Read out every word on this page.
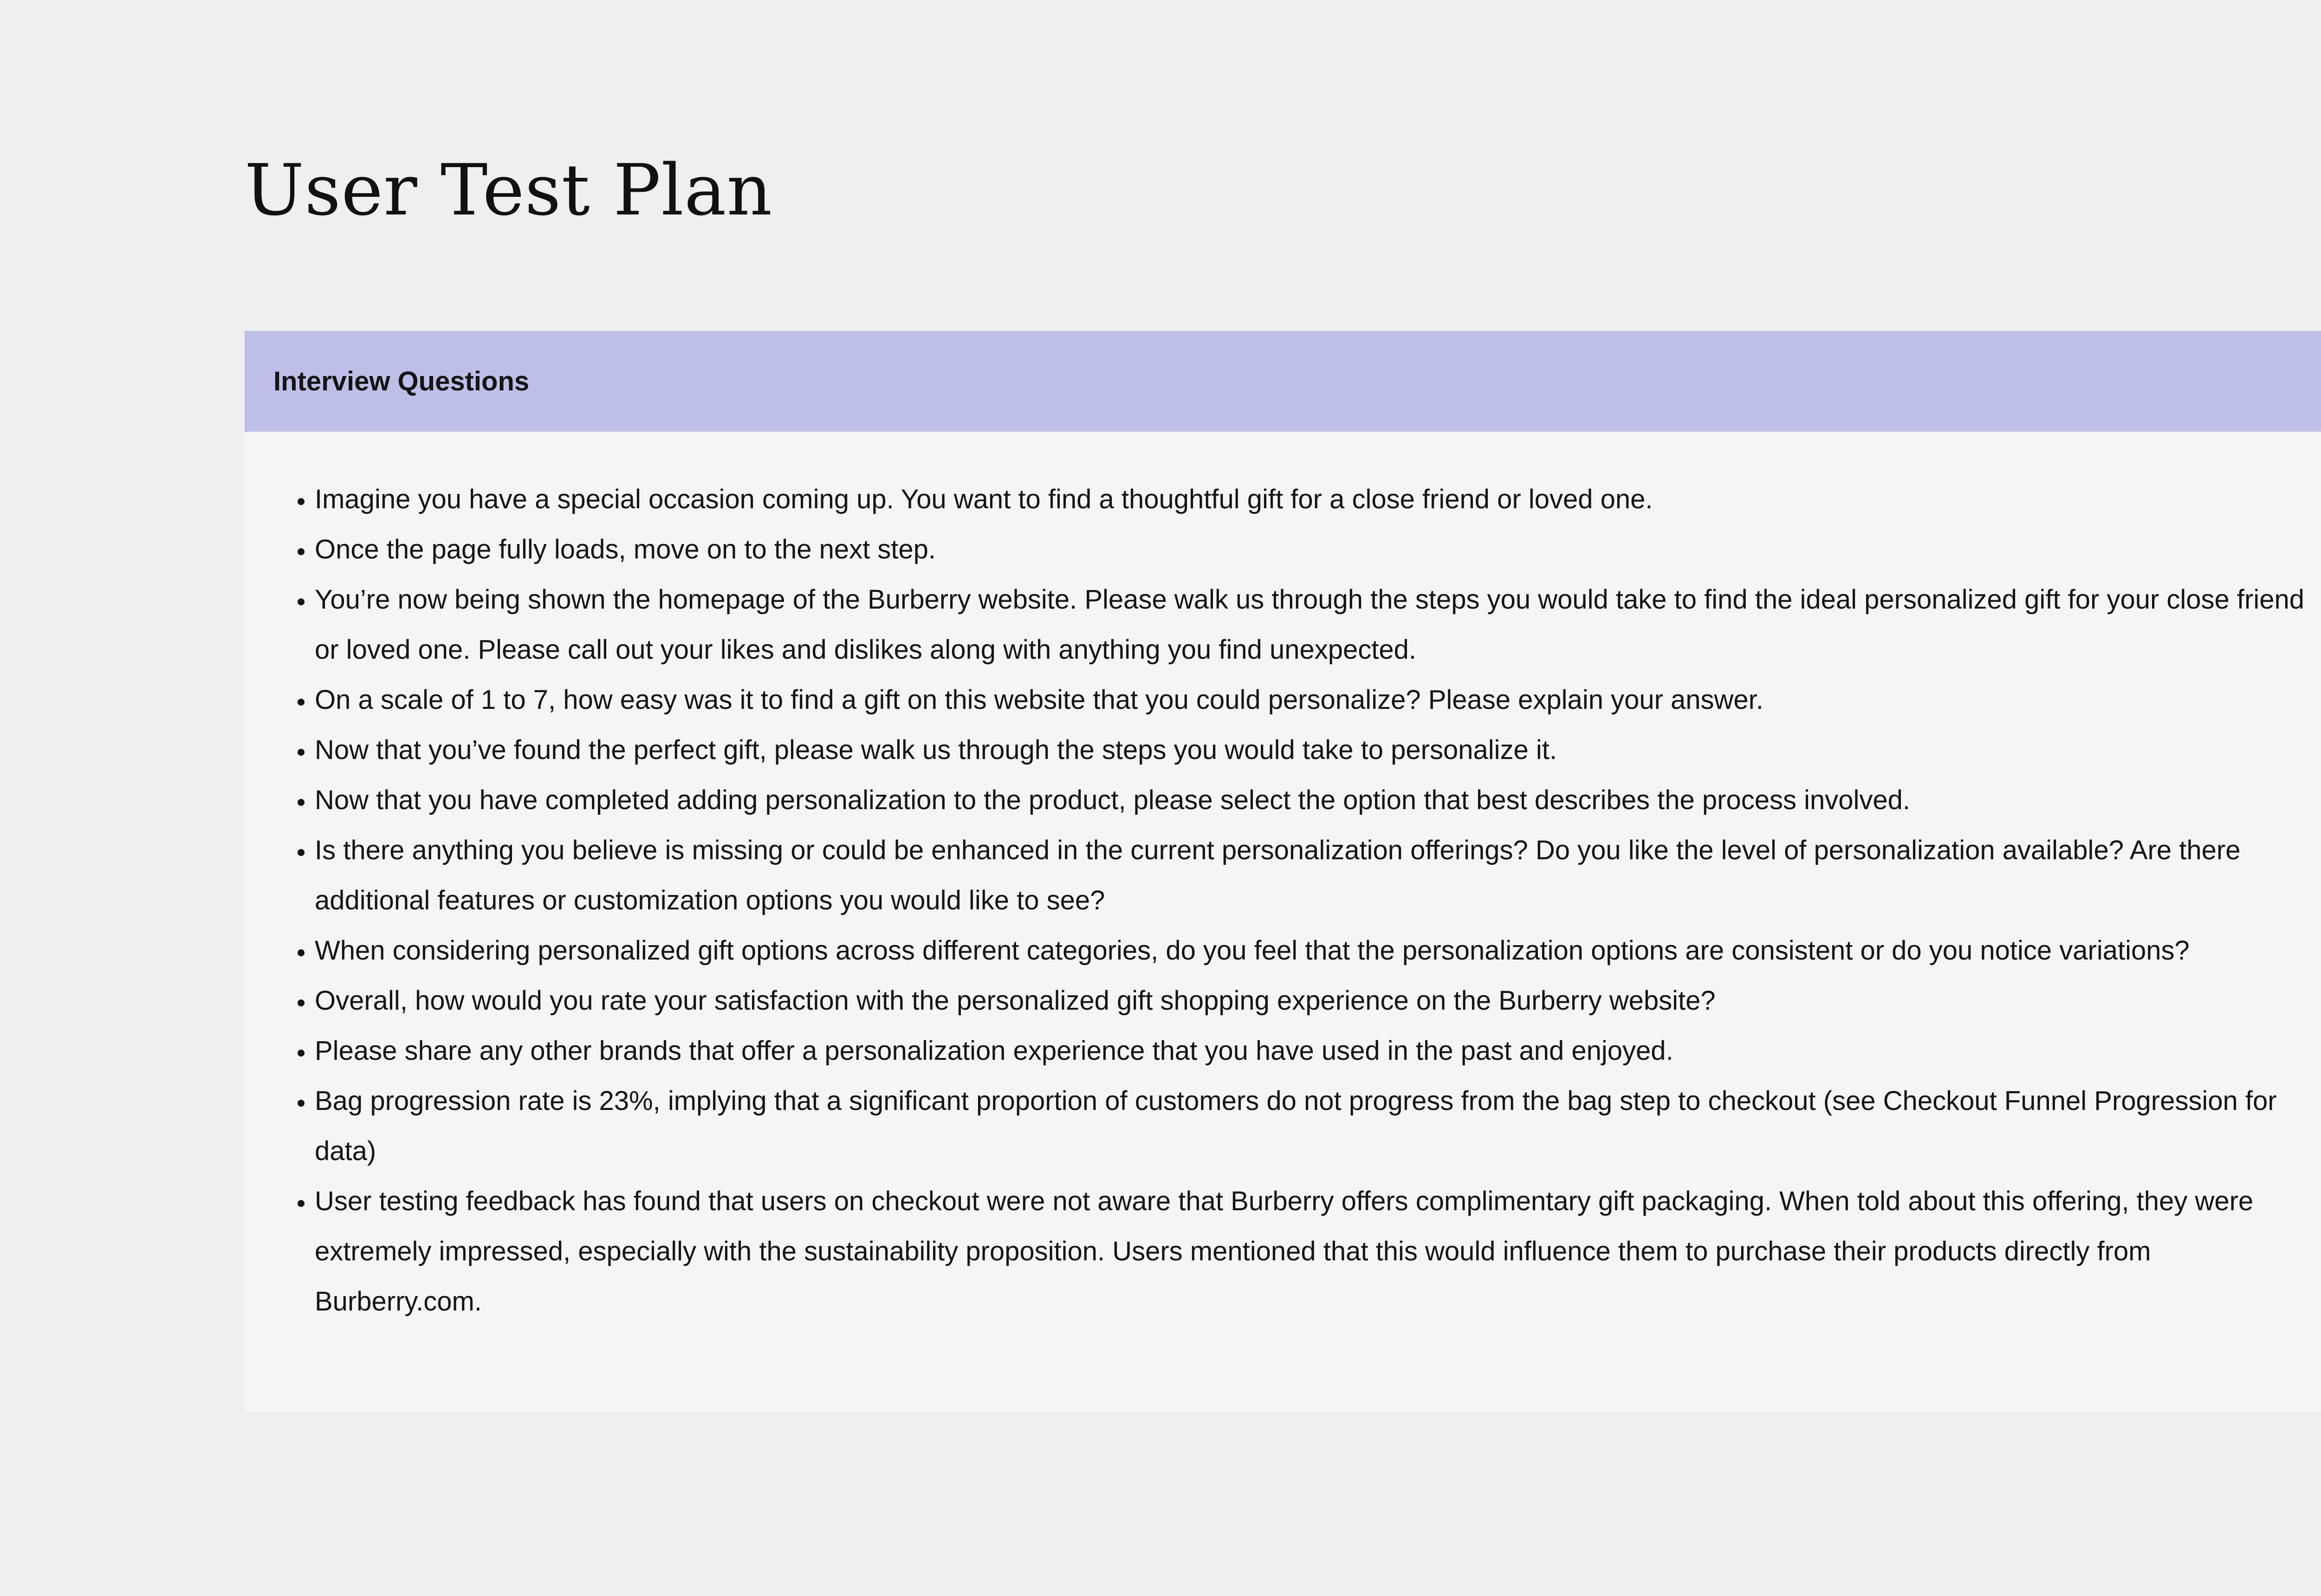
User Test Plan
Interview Questions
• Imagine you have a special occasion coming up. You want to find a thoughtful gift for a close friend or loved one.
• Once the page fully loads, move on to the next step.
• You’re now being shown the homepage of the Burberry website. Please walk us through the steps you would take to find the ideal personalized gift for your close friend or loved one. Please call out your likes and dislikes along with anything you find unexpected.
• On a scale of 1 to 7, how easy was it to find a gift on this website that you could personalize? Please explain your answer.
• Now that you’ve found the perfect gift, please walk us through the steps you would take to personalize it.
• Now that you have completed adding personalization to the product, please select the option that best describes the process involved.
• Is there anything you believe is missing or could be enhanced in the current personalization offerings? Do you like the level of personalization available? Are there additional features or customization options you would like to see?
• When considering personalized gift options across different categories, do you feel that the personalization options are consistent or do you notice variations?
• Overall, how would you rate your satisfaction with the personalized gift shopping experience on the Burberry website?
• Please share any other brands that offer a personalization experience that you have used in the past and enjoyed.
• Bag progression rate is 23%, implying that a significant proportion of customers do not progress from the bag step to checkout (see Checkout Funnel Progression for data)
• User testing feedback has found that users on checkout were not aware that Burberry offers complimentary gift packaging. When told about this offering, they were extremely impressed, especially with the sustainability proposition. Users mentioned that this would influence them to purchase their products directly from Burberry.com.
